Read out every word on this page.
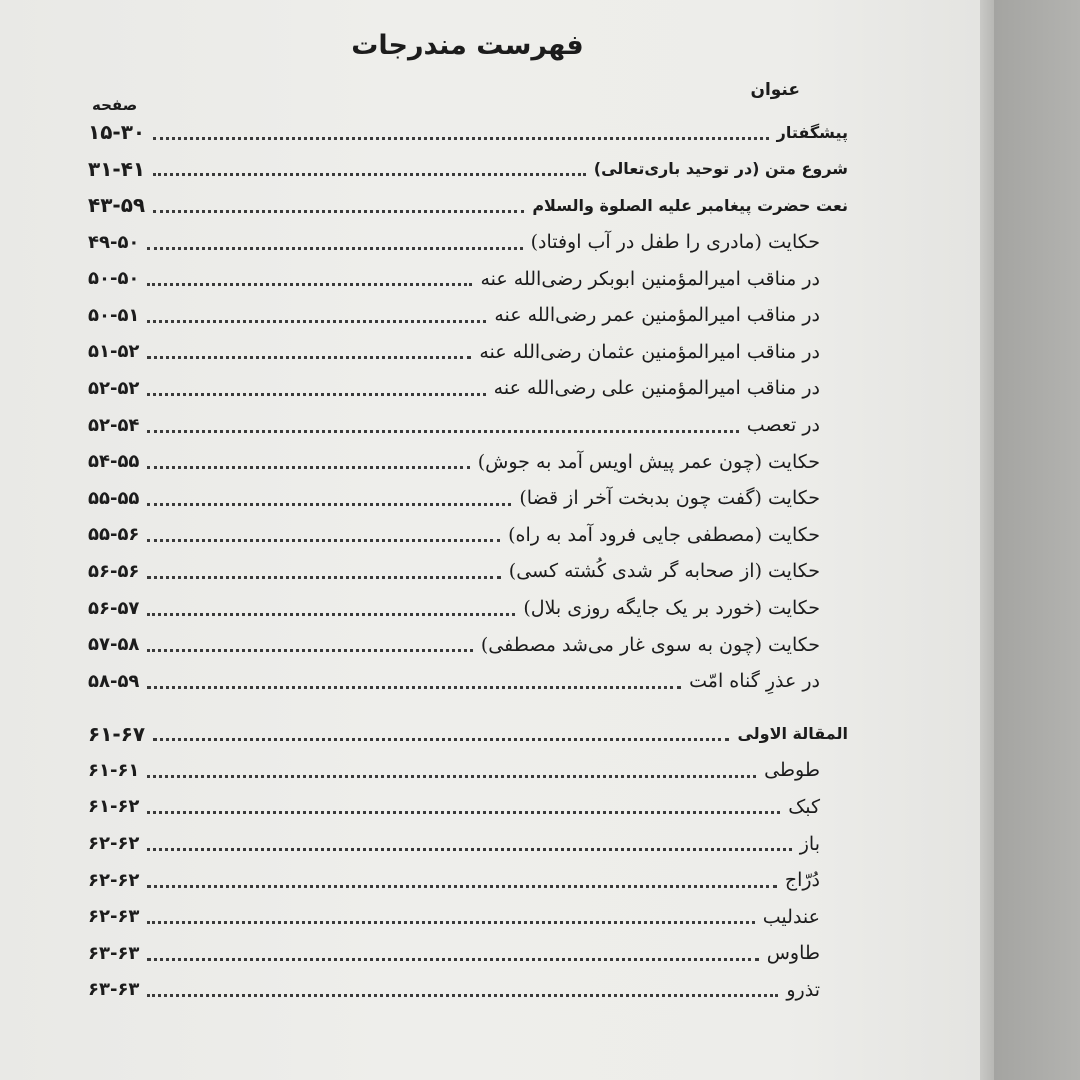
فهرست مندرجات
عنوان
صفحه
پیشگفتار
۱۵-۳۰
شروع متن (در توحید باری‌تعالی)
۳۱-۴۱
نعت حضرت پیغامبر علیه الصلوة والسلام
۴۳-۵۹
حکایت (مادری را طفل در آب اوفتاد)
۴۹-۵۰
در مناقب امیرالمؤمنین ابوبکر رضی‌الله عنه
۵۰-۵۰
در مناقب امیرالمؤمنین عمر رضی‌الله عنه
۵۰-۵۱
در مناقب امیرالمؤمنین عثمان رضی‌الله عنه
۵۱-۵۲
در مناقب امیرالمؤمنین علی رضی‌الله عنه
۵۲-۵۲
در تعصب
۵۲-۵۴
حکایت (چون عمر پیش اویس آمد به جوش)
۵۴-۵۵
حکایت (گفت چون بدبخت آخر از قضا)
۵۵-۵۵
حکایت (مصطفی جایی فرود آمد به راه)
۵۵-۵۶
حکایت (از صحابه گر شدی کُشته کسی)
۵۶-۵۶
حکایت (خورد بر یک جایگه روزی بلال)
۵۶-۵۷
حکایت (چون به سوی غار می‌شد مصطفی)
۵۷-۵۸
در عذرِ گناه امّت
۵۸-۵۹
المقالة الاولی
۶۱-۶۷
طوطی
۶۱-۶۱
کبک
۶۱-۶۲
باز
۶۲-۶۲
دُرّاج
۶۲-۶۲
عندلیب
۶۲-۶۳
طاوس
۶۳-۶۳
تذرو
۶۳-۶۳
